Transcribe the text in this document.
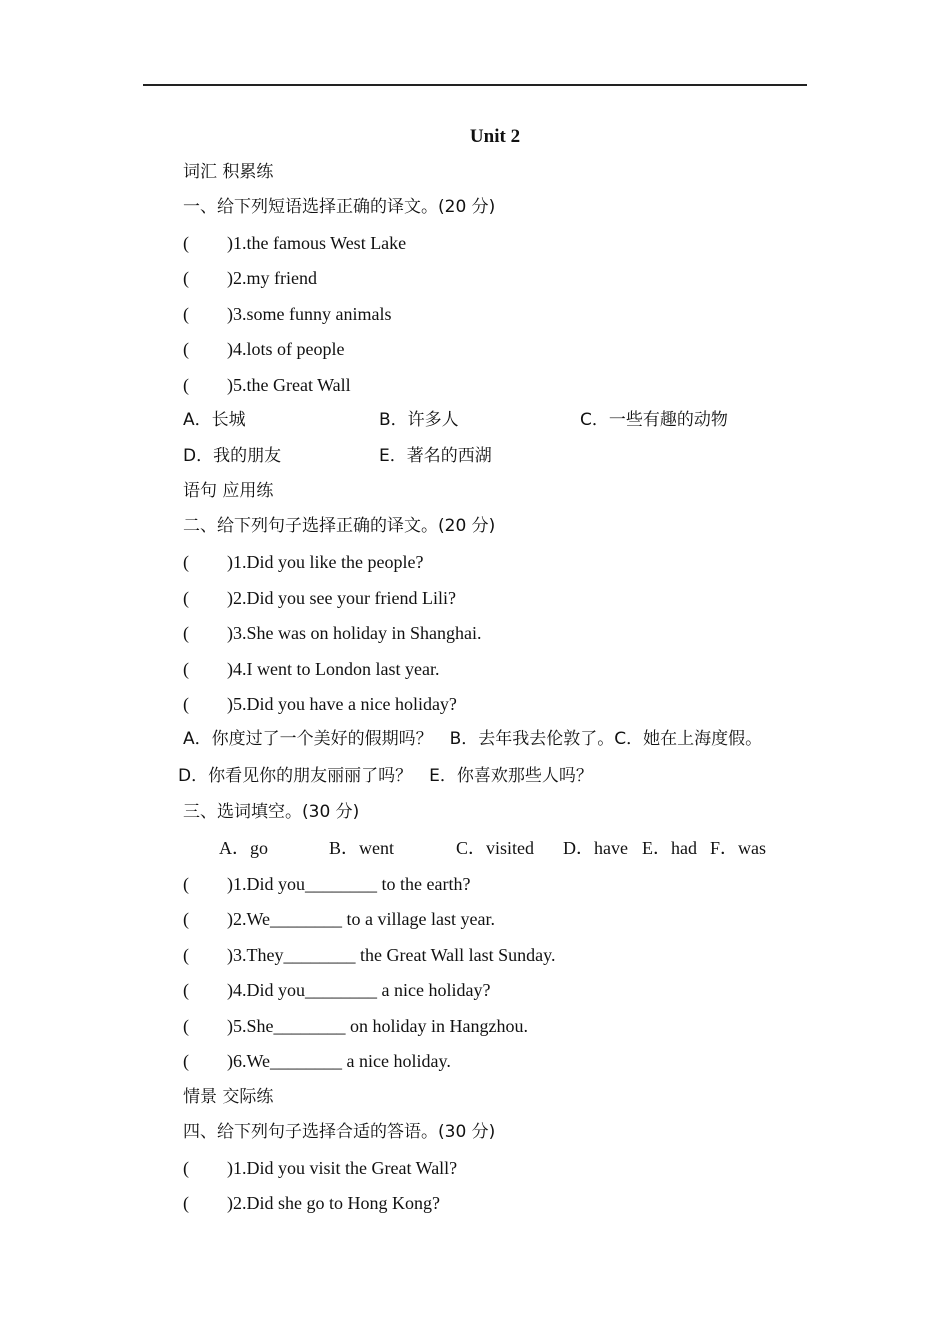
Unit 2
词汇 积累练
一、给下列短语选择正确的译文。(20 分)
( )1.the famous West Lake
( )2.my friend
( )3.some funny animals
( )4.lots of people
( )5.the Great Wall
A．长城	B．许多人	C．一些有趣的动物
D．我的朋友	E．著名的西湖
语句 应用练
二、给下列句子选择正确的译文。(20 分)
( )1.Did you like the people?
( )2.Did you see your friend Lili?
( )3.She was on holiday in Shanghai.
( )4.I went to London last year.
( )5.Did you have a nice holiday?
A．你度过了一个美好的假期吗？　B．去年我去伦敦了。C．她在上海度假。
D．你看见你的朋友丽丽了吗？　E．你喜欢那些人吗？
三、选词填空。(30 分)
A．go	B．went	C．visited D．have E．had F．was
( )1.Did you________ to the earth?
( )2.We________ to a village last year.
( )3.They________ the Great Wall last Sunday.
( )4.Did you________ a nice holiday?
( )5.She________ on holiday in Hangzhou.
( )6.We________ a nice holiday.
情景 交际练
四、给下列句子选择合适的答语。(30 分)
( )1.Did you visit the Great Wall?
( )2.Did she go to Hong Kong?
